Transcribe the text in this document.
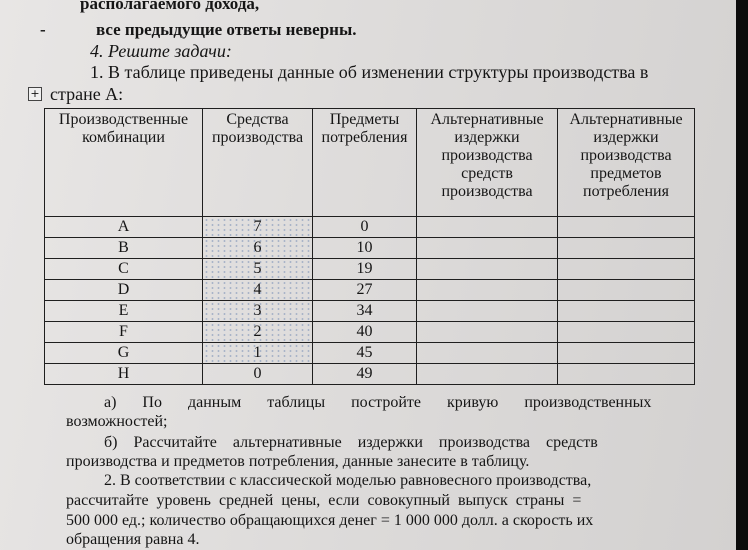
располагаемого дохода,
-	все предыдущие ответы неверны.
4. Решите задачи:
1. В таблице приведены данные об изменении структуры производства в
+ стране А:
Производственные комбинации	Средства производства	Предметы потребления	Альтернативные издержки производства средств производства	Альтернативные издержки производства предметов потребления
A	7	0		
B	6	10		
C	5	19		
D	4	27		
E	3	34		
F	2	40		
G	1	45		
H	0	49		
а) По данным таблицы постройте кривую производственных
возможностей;
б) Рассчитайте альтернативные издержки производства средств
производства и предметов потребления, данные занесите в таблицу.
2. В соответствии с классической моделью равновесного производства,
рассчитайте уровень средней цены, если совокупный выпуск страны =
500 000 ед.; количество обращающихся денег = 1 000 000 долл. а скорость их
обращения равна 4.
